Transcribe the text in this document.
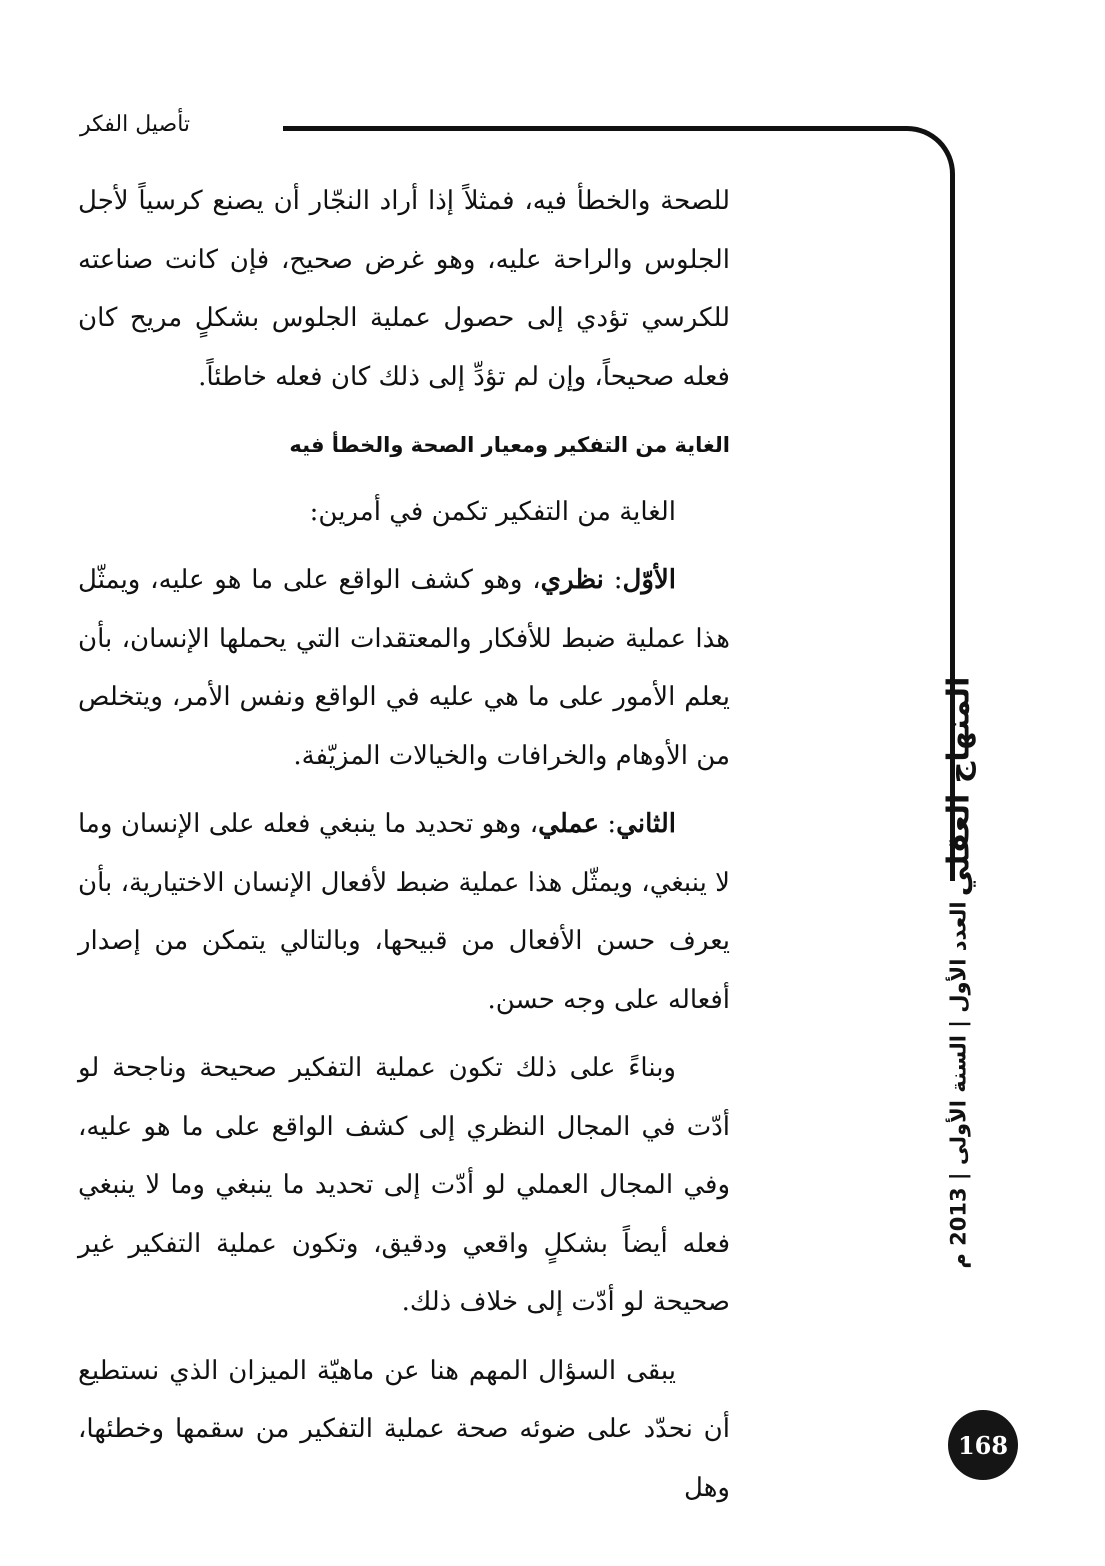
تأصيل الفكر

للصحة والخطأ فيه، فمثلاً إذا أراد النجّار أن يصنع كرسياً لأجل الجلوس والراحة عليه، وهو غرض صحيح، فإن كانت صناعته للكرسي تؤدي إلى حصول عملية الجلوس بشكلٍ مريح كان فعله صحيحاً، وإن لم تؤدِّ إلى ذلك كان فعله خاطئاً.

الغاية من التفكير ومعيار الصحة والخطأ فيه

الغاية من التفكير تكمن في أمرين:

الأوّل: نظري، وهو كشف الواقع على ما هو عليه، ويمثّل هذا عملية ضبط للأفكار والمعتقدات التي يحملها الإنسان، بأن يعلم الأمور على ما هي عليه في الواقع ونفس الأمر، ويتخلص من الأوهام والخرافات والخيالات المزيّفة.

الثاني: عملي، وهو تحديد ما ينبغي فعله على الإنسان وما لا ينبغي، ويمثّل هذا عملية ضبط لأفعال الإنسان الاختيارية، بأن يعرف حسن الأفعال من قبيحها، وبالتالي يتمكن من إصدار أفعاله على وجه حسن.

وبناءً على ذلك تكون عملية التفكير صحيحة وناجحة لو أدّت في المجال النظري إلى كشف الواقع على ما هو عليه، وفي المجال العملي لو أدّت إلى تحديد ما ينبغي وما لا ينبغي فعله أيضاً بشكلٍ واقعي ودقيق، وتكون عملية التفكير غير صحيحة لو أدّت إلى خلاف ذلك.

يبقى السؤال المهم هنا عن ماهيّة الميزان الذي نستطيع أن نحدّد على ضوئه صحة عملية التفكير من سقمها وخطئها، وهل

المنهاج العقلي
العدد الأول | السنة الأولى | 2013 م
168
